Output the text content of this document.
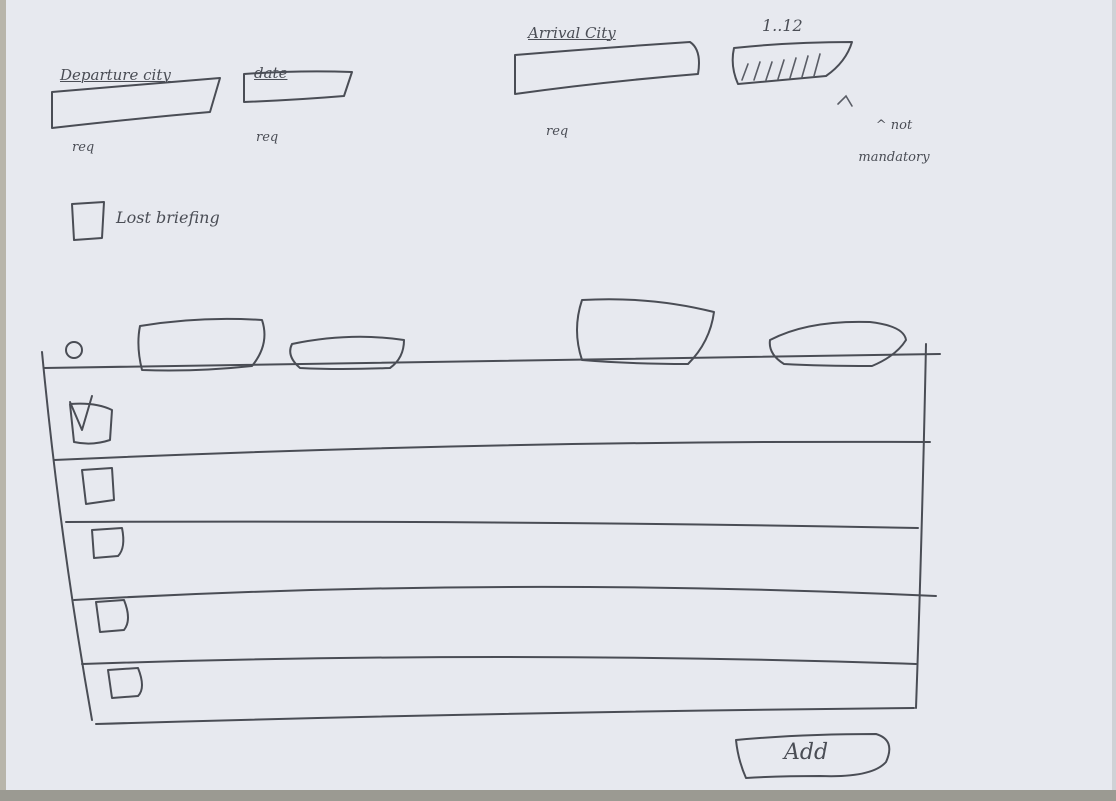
Departure city
req
date
req
Arrival City
req
1..12
^ not mandatory
Lost briefing
Add
